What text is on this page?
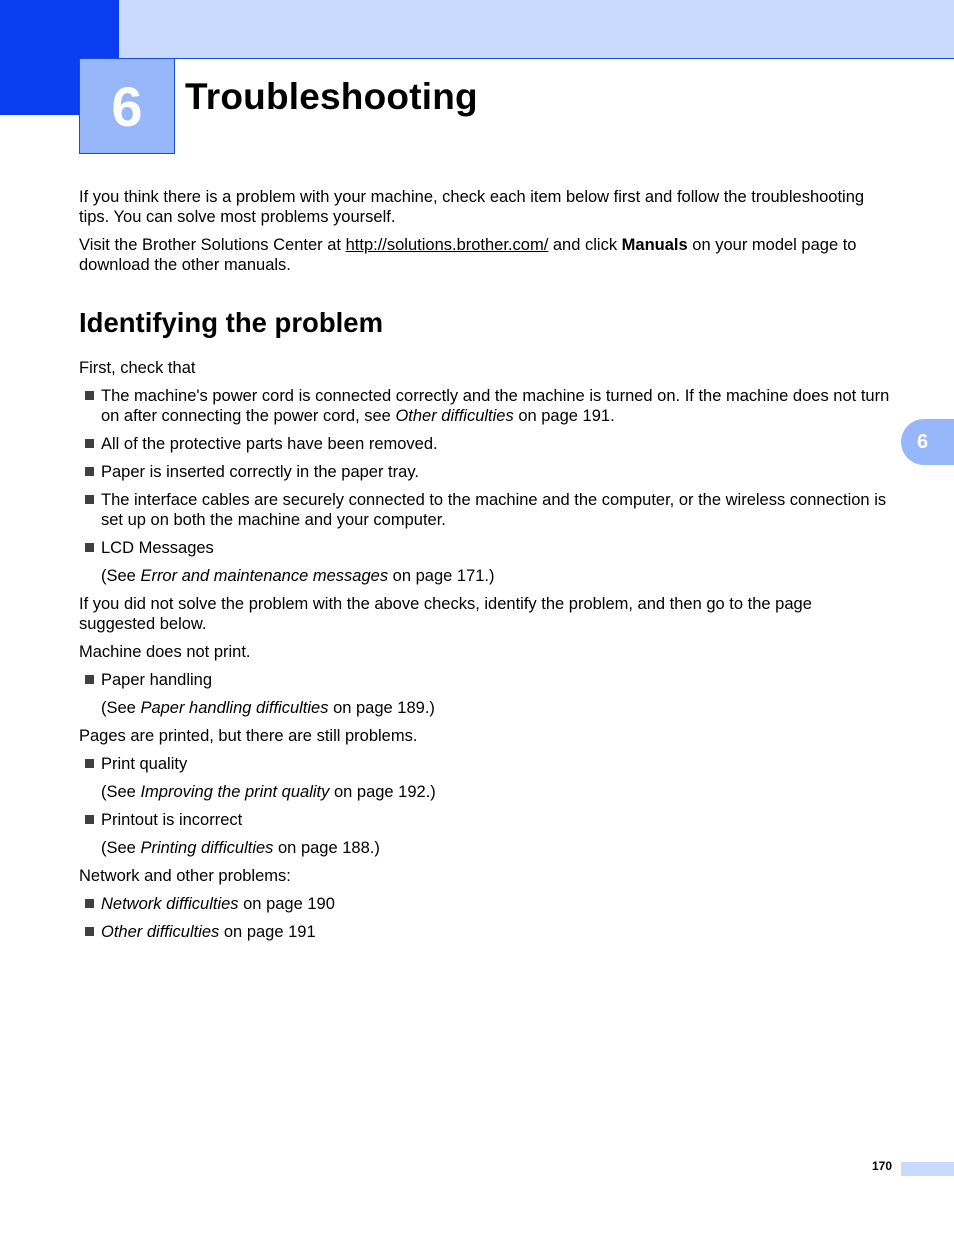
6 Troubleshooting
6

If you think there is a problem with your machine, check each item below first and follow the troubleshooting tips. You can solve most problems yourself.

Visit the Brother Solutions Center at http://solutions.brother.com/ and click Manuals on your model page to download the other manuals.

Identifying the problem

First, check that

The machine's power cord is connected correctly and the machine is turned on. If the machine does not turn on after connecting the power cord, see Other difficulties on page 191.

All of the protective parts have been removed.

Paper is inserted correctly in the paper tray.

The interface cables are securely connected to the machine and the computer, or the wireless connection is set up on both the machine and your computer.

LCD Messages

(See Error and maintenance messages on page 171.)

If you did not solve the problem with the above checks, identify the problem, and then go to the page suggested below.

Machine does not print.

Paper handling

(See Paper handling difficulties on page 189.)

Pages are printed, but there are still problems.

Print quality

(See Improving the print quality on page 192.)

Printout is incorrect

(See Printing difficulties on page 188.)

Network and other problems:

Network difficulties on page 190

Other difficulties on page 191

170
